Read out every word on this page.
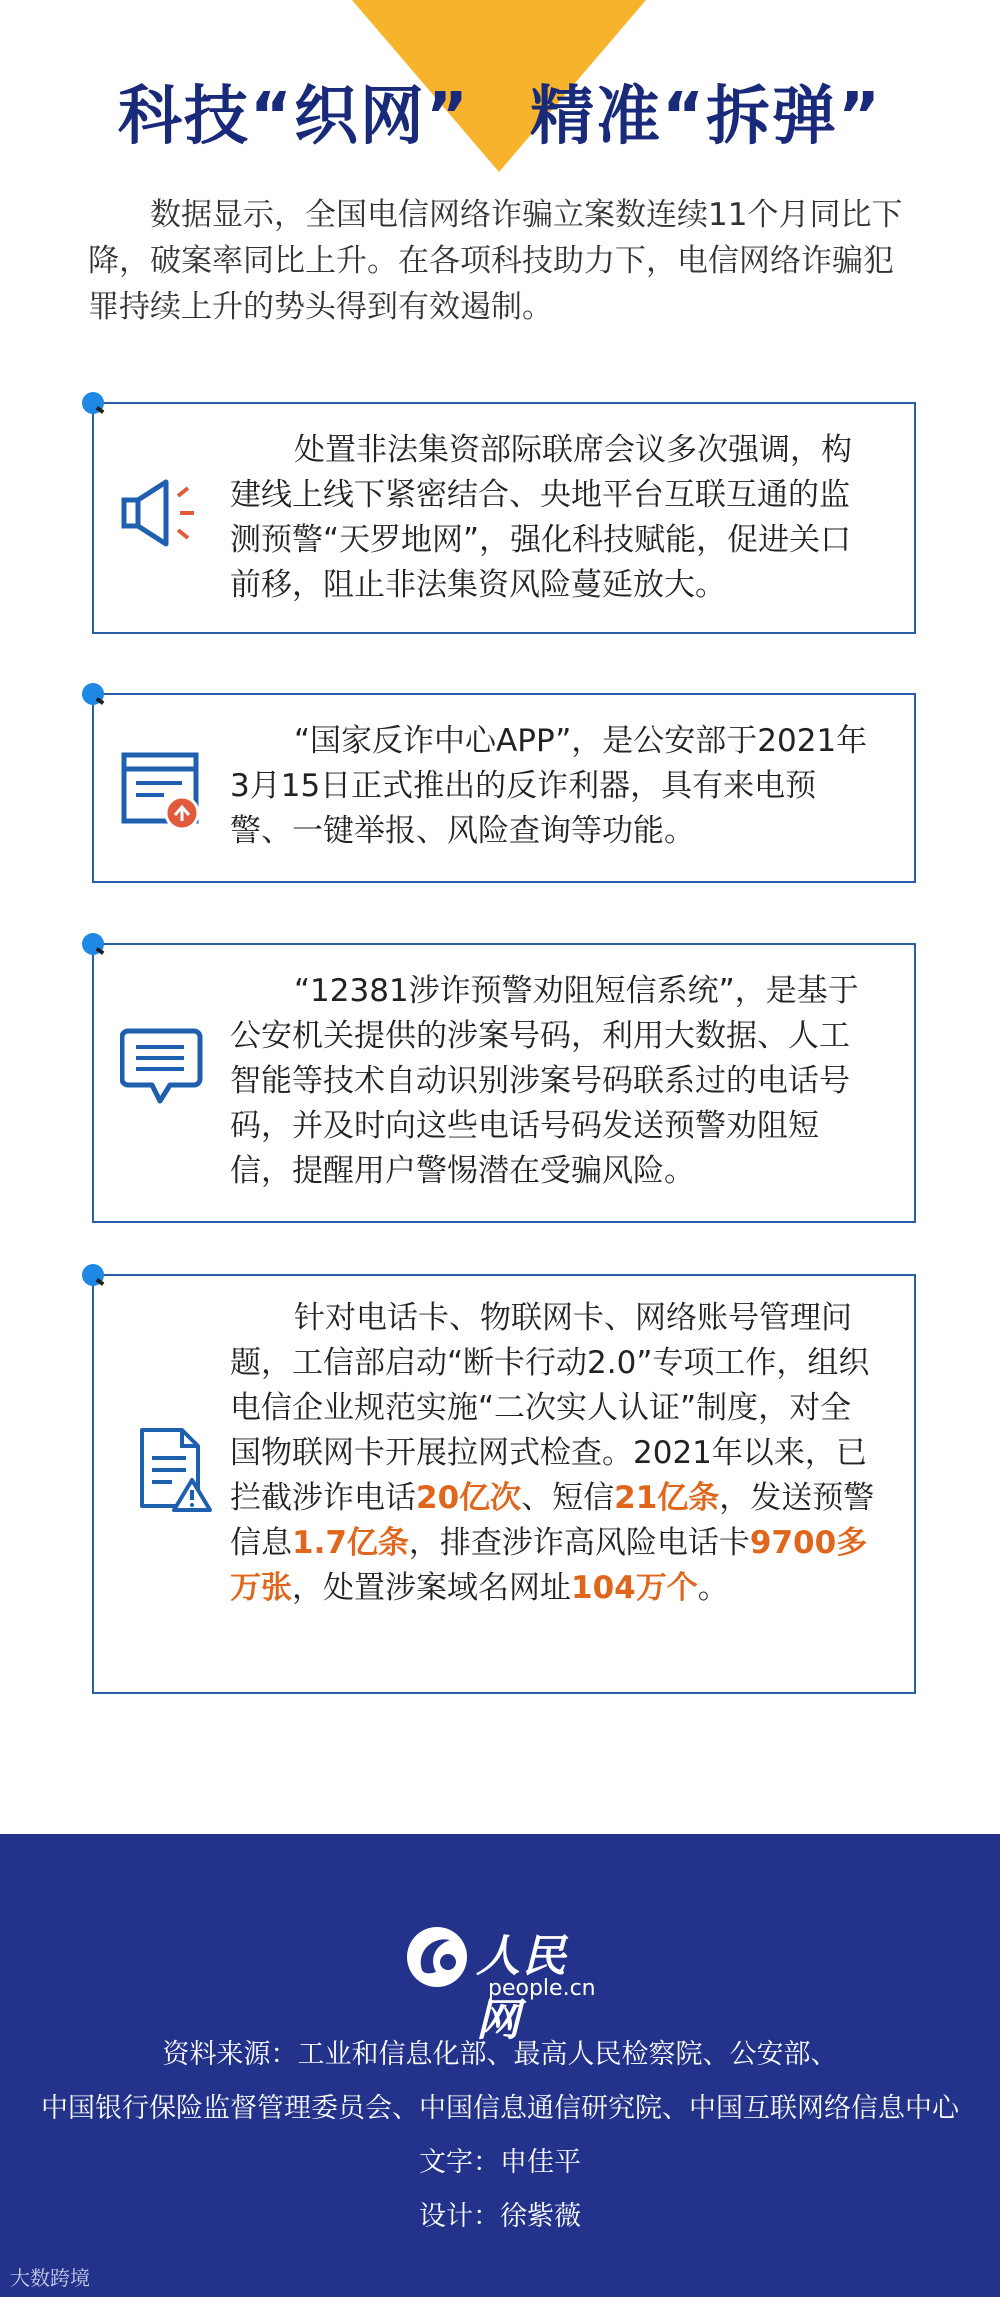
科技“织网” 精准“拆弹”
数据显示，全国电信网络诈骗立案数连续11个月同比下降，破案率同比上升。在各项科技助力下，电信网络诈骗犯罪持续上升的势头得到有效遏制。
处置非法集资部际联席会议多次强调，构建线上线下紧密结合、央地平台互联互通的监测预警“天罗地网”，强化科技赋能，促进关口前移，阻止非法集资风险蔓延放大。
“国家反诈中心APP”，是公安部于2021年3月15日正式推出的反诈利器，具有来电预警、一键举报、风险查询等功能。
“12381涉诈预警劝阻短信系统”，是基于公安机关提供的涉案号码，利用大数据、人工智能等技术自动识别涉案号码联系过的电话号码，并及时向这些电话号码发送预警劝阻短信，提醒用户警惕潜在受骗风险。
针对电话卡、物联网卡、网络账号管理问题，工信部启动“断卡行动2.0”专项工作，组织电信企业规范实施“二次实人认证”制度，对全国物联网卡开展拉网式检查。2021年以来，已拦截涉诈电话20亿次、短信21亿条，发送预警信息1.7亿条，排查涉诈高风险电话卡9700多万张，处置涉案域名网址104万个。
人民网
people.cn
资料来源：工业和信息化部、最高人民检察院、公安部、
中国银行保险监督管理委员会、中国信息通信研究院、中国互联网络信息中心
文字：申佳平
设计：徐紫薇
大数跨境
